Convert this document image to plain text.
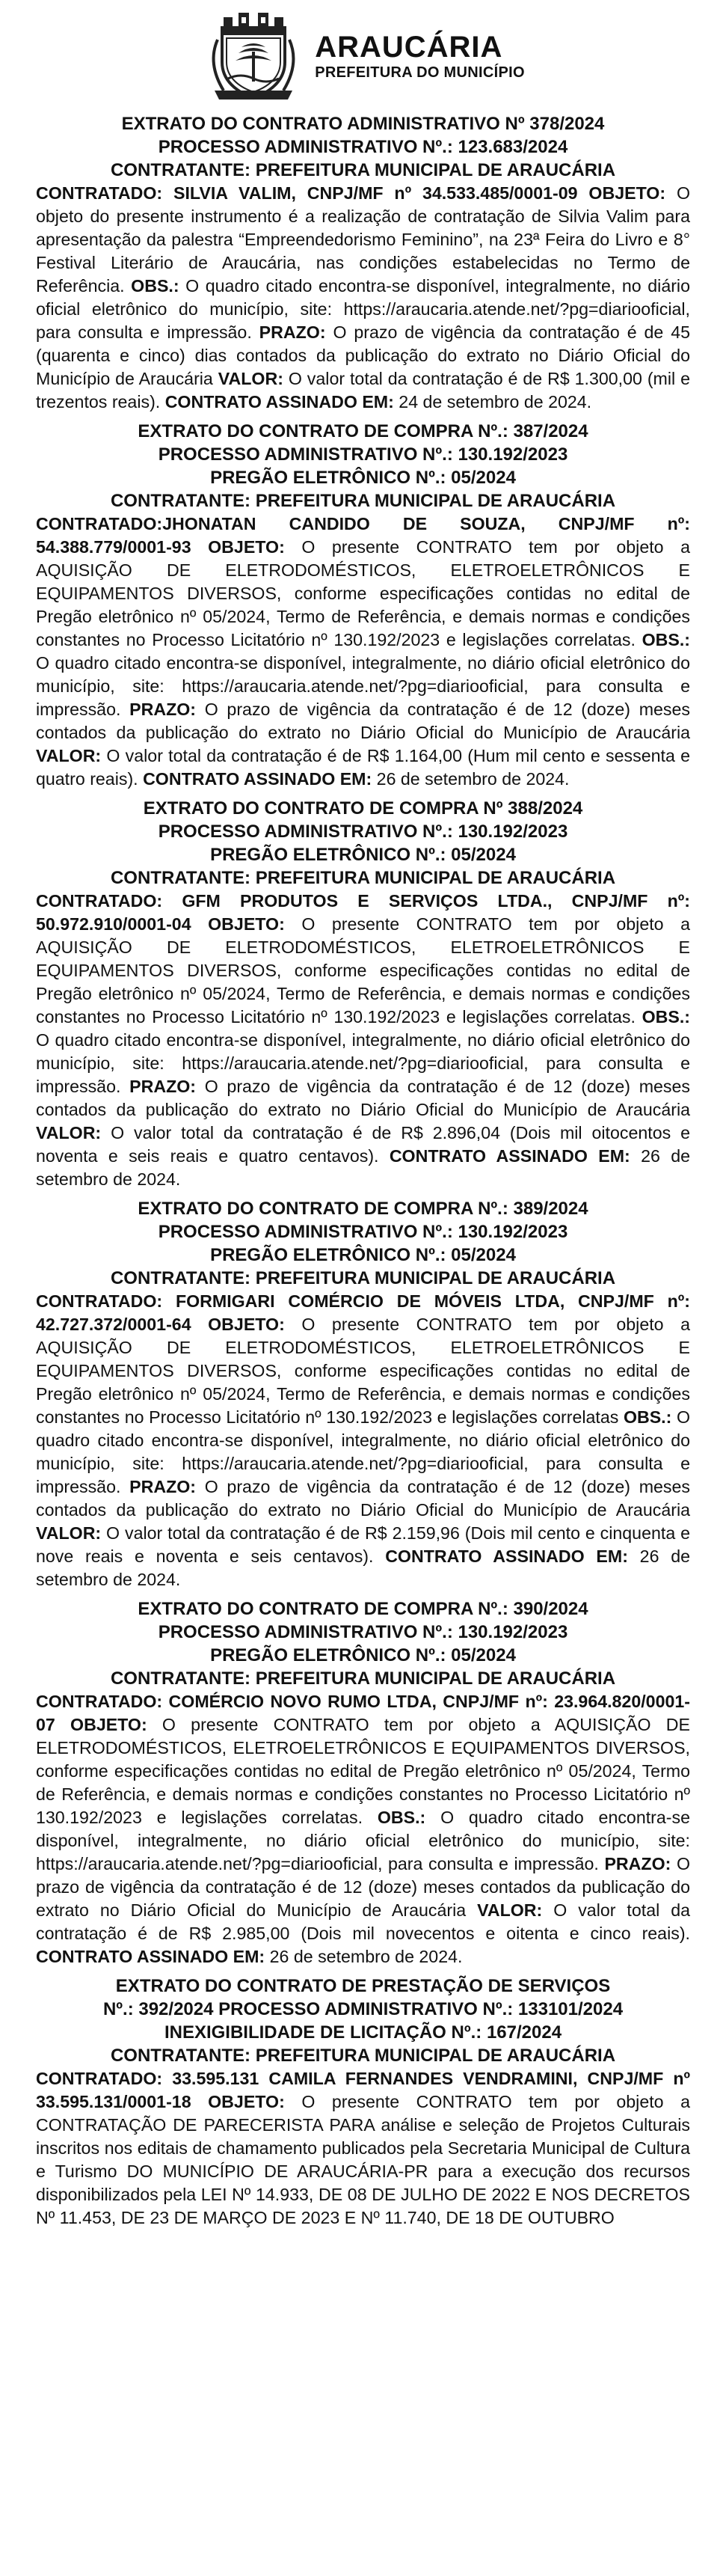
ARAUCÁRIA
PREFEITURA DO MUNICÍPIO
EXTRATO DO CONTRATO ADMINISTRATIVO Nº 378/2024
PROCESSO ADMINISTRATIVO Nº.: 123.683/2024
CONTRATANTE: PREFEITURA MUNICIPAL DE ARAUCÁRIA

CONTRATADO: SILVIA VALIM, CNPJ/MF nº 34.533.485/0001-09 OBJETO: O objeto do presente instrumento é a realização de contratação de Silvia Valim para apresentação da palestra “Empreendedorismo Feminino”, na 23ª Feira do Livro e 8° Festival Literário de Araucária, nas condições estabelecidas no Termo de Referência. OBS.: O quadro citado encontra-se disponível, integralmente, no diário oficial eletrônico do município, site: https://araucaria.atende.net/?pg=diariooficial, para consulta e impressão. PRAZO: O prazo de vigência da contratação é de 45 (quarenta e cinco) dias contados da publicação do extrato no Diário Oficial do Município de Araucária VALOR: O valor total da contratação é de R$ 1.300,00 (mil e trezentos reais). CONTRATO ASSINADO EM: 24 de setembro de 2024.

EXTRATO DO CONTRATO DE COMPRA Nº.: 387/2024
PROCESSO ADMINISTRATIVO Nº.: 130.192/2023
PREGÃO ELETRÔNICO Nº.: 05/2024
CONTRATANTE: PREFEITURA MUNICIPAL DE ARAUCÁRIA

CONTRATADO:JHONATAN CANDIDO DE SOUZA, CNPJ/MF nº: 54.388.779/0001-93 OBJETO: O presente CONTRATO tem por objeto a AQUISIÇÃO DE ELETRODOMÉSTICOS, ELETROELETRÔNICOS E EQUIPAMENTOS DIVERSOS, conforme especificações contidas no edital de Pregão eletrônico nº 05/2024, Termo de Referência, e demais normas e condições constantes no Processo Licitatório nº 130.192/2023 e legislações correlatas. OBS.: O quadro citado encontra-se disponível, integralmente, no diário oficial eletrônico do município, site: https://araucaria.atende.net/?pg=diariooficial, para consulta e impressão. PRAZO: O prazo de vigência da contratação é de 12 (doze) meses contados da publicação do extrato no Diário Oficial do Município de Araucária VALOR: O valor total da contratação é de R$ 1.164,00 (Hum mil cento e sessenta e quatro reais). CONTRATO ASSINADO EM: 26 de setembro de 2024.

EXTRATO DO CONTRATO DE COMPRA Nº 388/2024
PROCESSO ADMINISTRATIVO Nº.: 130.192/2023
PREGÃO ELETRÔNICO Nº.: 05/2024
CONTRATANTE: PREFEITURA MUNICIPAL DE ARAUCÁRIA

CONTRATADO: GFM PRODUTOS E SERVIÇOS LTDA., CNPJ/MF nº: 50.972.910/0001-04 OBJETO: O presente CONTRATO tem por objeto a AQUISIÇÃO DE ELETRODOMÉSTICOS, ELETROELETRÔNICOS E EQUIPAMENTOS DIVERSOS, conforme especificações contidas no edital de Pregão eletrônico nº 05/2024, Termo de Referência, e demais normas e condições constantes no Processo Licitatório nº 130.192/2023 e legislações correlatas. OBS.: O quadro citado encontra-se disponível, integralmente, no diário oficial eletrônico do município, site: https://araucaria.atende.net/?pg=diariooficial, para consulta e impressão. PRAZO: O prazo de vigência da contratação é de 12 (doze) meses contados da publicação do extrato no Diário Oficial do Município de Araucária VALOR: O valor total da contratação é de R$ 2.896,04 (Dois mil oitocentos e noventa e seis reais e quatro centavos). CONTRATO ASSINADO EM: 26 de setembro de 2024.

EXTRATO DO CONTRATO DE COMPRA Nº.: 389/2024
PROCESSO ADMINISTRATIVO Nº.: 130.192/2023
PREGÃO ELETRÔNICO Nº.: 05/2024
CONTRATANTE: PREFEITURA MUNICIPAL DE ARAUCÁRIA

CONTRATADO: FORMIGARI COMÉRCIO DE MÓVEIS LTDA, CNPJ/MF nº: 42.727.372/0001-64 OBJETO: O presente CONTRATO tem por objeto a AQUISIÇÃO DE ELETRODOMÉSTICOS, ELETROELETRÔNICOS E EQUIPAMENTOS DIVERSOS, conforme especificações contidas no edital de Pregão eletrônico nº 05/2024, Termo de Referência, e demais normas e condições constantes no Processo Licitatório nº 130.192/2023 e legislações correlatas OBS.: O quadro citado encontra-se disponível, integralmente, no diário oficial eletrônico do município, site: https://araucaria.atende.net/?pg=diariooficial, para consulta e impressão. PRAZO: O prazo de vigência da contratação é de 12 (doze) meses contados da publicação do extrato no Diário Oficial do Município de Araucária VALOR: O valor total da contratação é de R$ 2.159,96 (Dois mil cento e cinquenta e nove reais e noventa e seis centavos). CONTRATO ASSINADO EM: 26 de setembro de 2024.

EXTRATO DO CONTRATO DE COMPRA Nº.: 390/2024
PROCESSO ADMINISTRATIVO Nº.: 130.192/2023
PREGÃO ELETRÔNICO Nº.: 05/2024
CONTRATANTE: PREFEITURA MUNICIPAL DE ARAUCÁRIA

CONTRATADO: COMÉRCIO NOVO RUMO LTDA, CNPJ/MF nº: 23.964.820/0001-07 OBJETO: O presente CONTRATO tem por objeto a AQUISIÇÃO DE ELETRODOMÉSTICOS, ELETROELETRÔNICOS E EQUIPAMENTOS DIVERSOS, conforme especificações contidas no edital de Pregão eletrônico nº 05/2024, Termo de Referência, e demais normas e condições constantes no Processo Licitatório nº 130.192/2023 e legislações correlatas. OBS.: O quadro citado encontra-se disponível, integralmente, no diário oficial eletrônico do município, site: https://araucaria.atende.net/?pg=diariooficial, para consulta e impressão. PRAZO: O prazo de vigência da contratação é de 12 (doze) meses contados da publicação do extrato no Diário Oficial do Município de Araucária VALOR: O valor total da contratação é de R$ 2.985,00 (Dois mil novecentos e oitenta e cinco reais). CONTRATO ASSINADO EM: 26 de setembro de 2024.

EXTRATO DO CONTRATO DE PRESTAÇÃO DE SERVIÇOS
Nº.: 392/2024 PROCESSO ADMINISTRATIVO Nº.: 133101/2024
INEXIGIBILIDADE DE LICITAÇÃO Nº.: 167/2024
CONTRATANTE: PREFEITURA MUNICIPAL DE ARAUCÁRIA

CONTRATADO: 33.595.131 CAMILA FERNANDES VENDRAMINI, CNPJ/MF nº 33.595.131/0001-18 OBJETO: O presente CONTRATO tem por objeto a CONTRATAÇÃO DE PARECERISTA PARA análise e seleção de Projetos Culturais inscritos nos editais de chamamento publicados pela Secretaria Municipal de Cultura e Turismo DO MUNICÍPIO DE ARAUCÁRIA-PR para a execução dos recursos disponibilizados pela LEI Nº 14.933, DE 08 DE JULHO DE 2022 E NOS DECRETOS Nº 11.453, DE 23 DE MARÇO DE 2023 E Nº 11.740, DE 18 DE OUTUBRO
